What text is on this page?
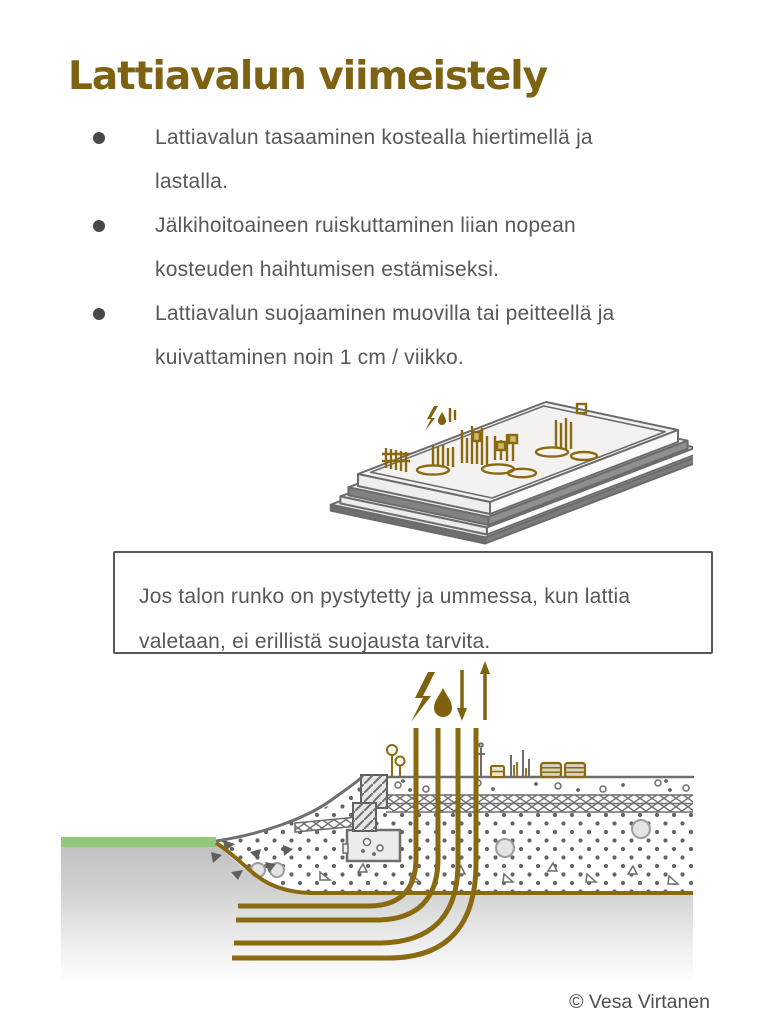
Lattiavalun viimeistely
Lattiavalun tasaaminen kostealla hiertimellä ja lastalla.
Jälkihoitoaineen ruiskuttaminen liian nopean kosteuden haihtumisen estämiseksi.
Lattiavalun suojaaminen muovilla tai peitteellä ja kuivattaminen noin 1 cm / viikko.
Jos talon runko on pystytetty ja ummessa, kun lattia valetaan, ei erillistä suojausta tarvita.
© Vesa Virtanen
